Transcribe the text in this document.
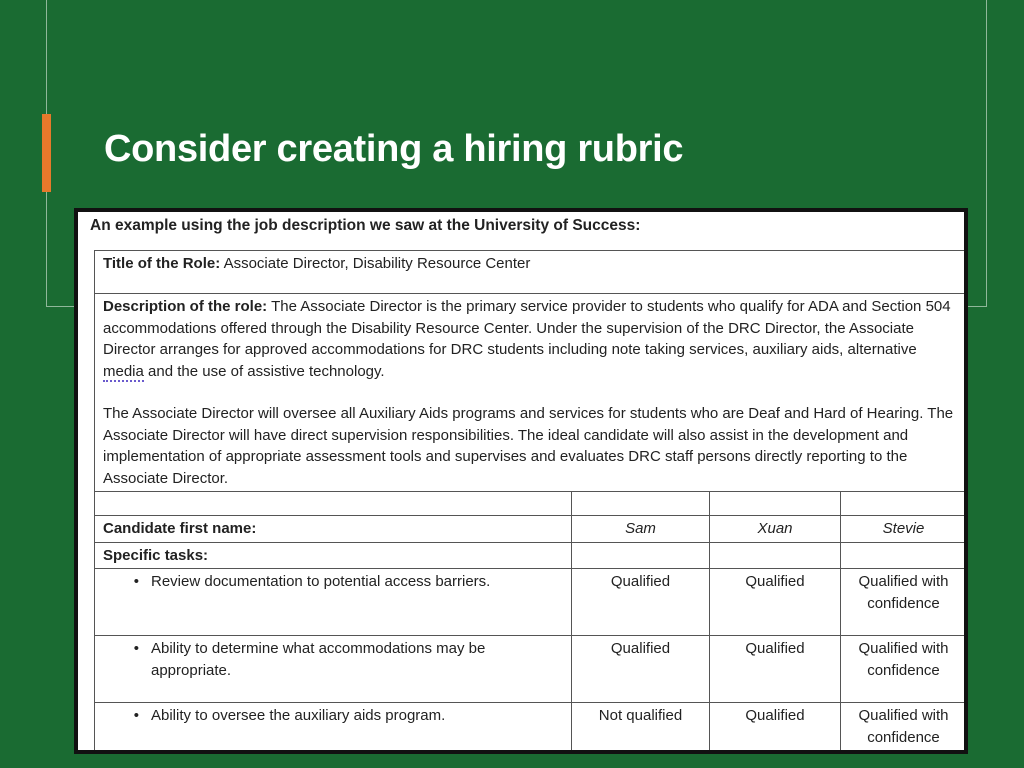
Consider creating a hiring rubric
An example using the job description we saw at the University of Success:
Title of the Role: Associate Director, Disability Resource Center			

Description of the role: The Associate Director is the primary service provider to students who qualify for ADA and Section 504 accommodations offered through the Disability Resource Center. Under the supervision of the DRC Director, the Associate Director arranges for approved accommodations for DRC students including note taking services, auxiliary aids, alternative media and the use of assistive technology.

The Associate Director will oversee all Auxiliary Aids programs and services for students who are Deaf and Hard of Hearing. The Associate Director will have direct supervision responsibilities. The ideal candidate will also assist in the development and implementation of appropriate assessment tools and supervises and evaluates DRC staff persons directly reporting to the Associate Director.			

Candidate first name:	Sam	Xuan	Stevie
Specific tasks:			

• Review documentation to potential access barriers.	Qualified	Qualified	Qualified with confidence

• Ability to determine what accommodations may be appropriate.	Qualified	Qualified	Qualified with confidence

• Ability to oversee the auxiliary aids program.	Not qualified	Qualified	Qualified with confidence
